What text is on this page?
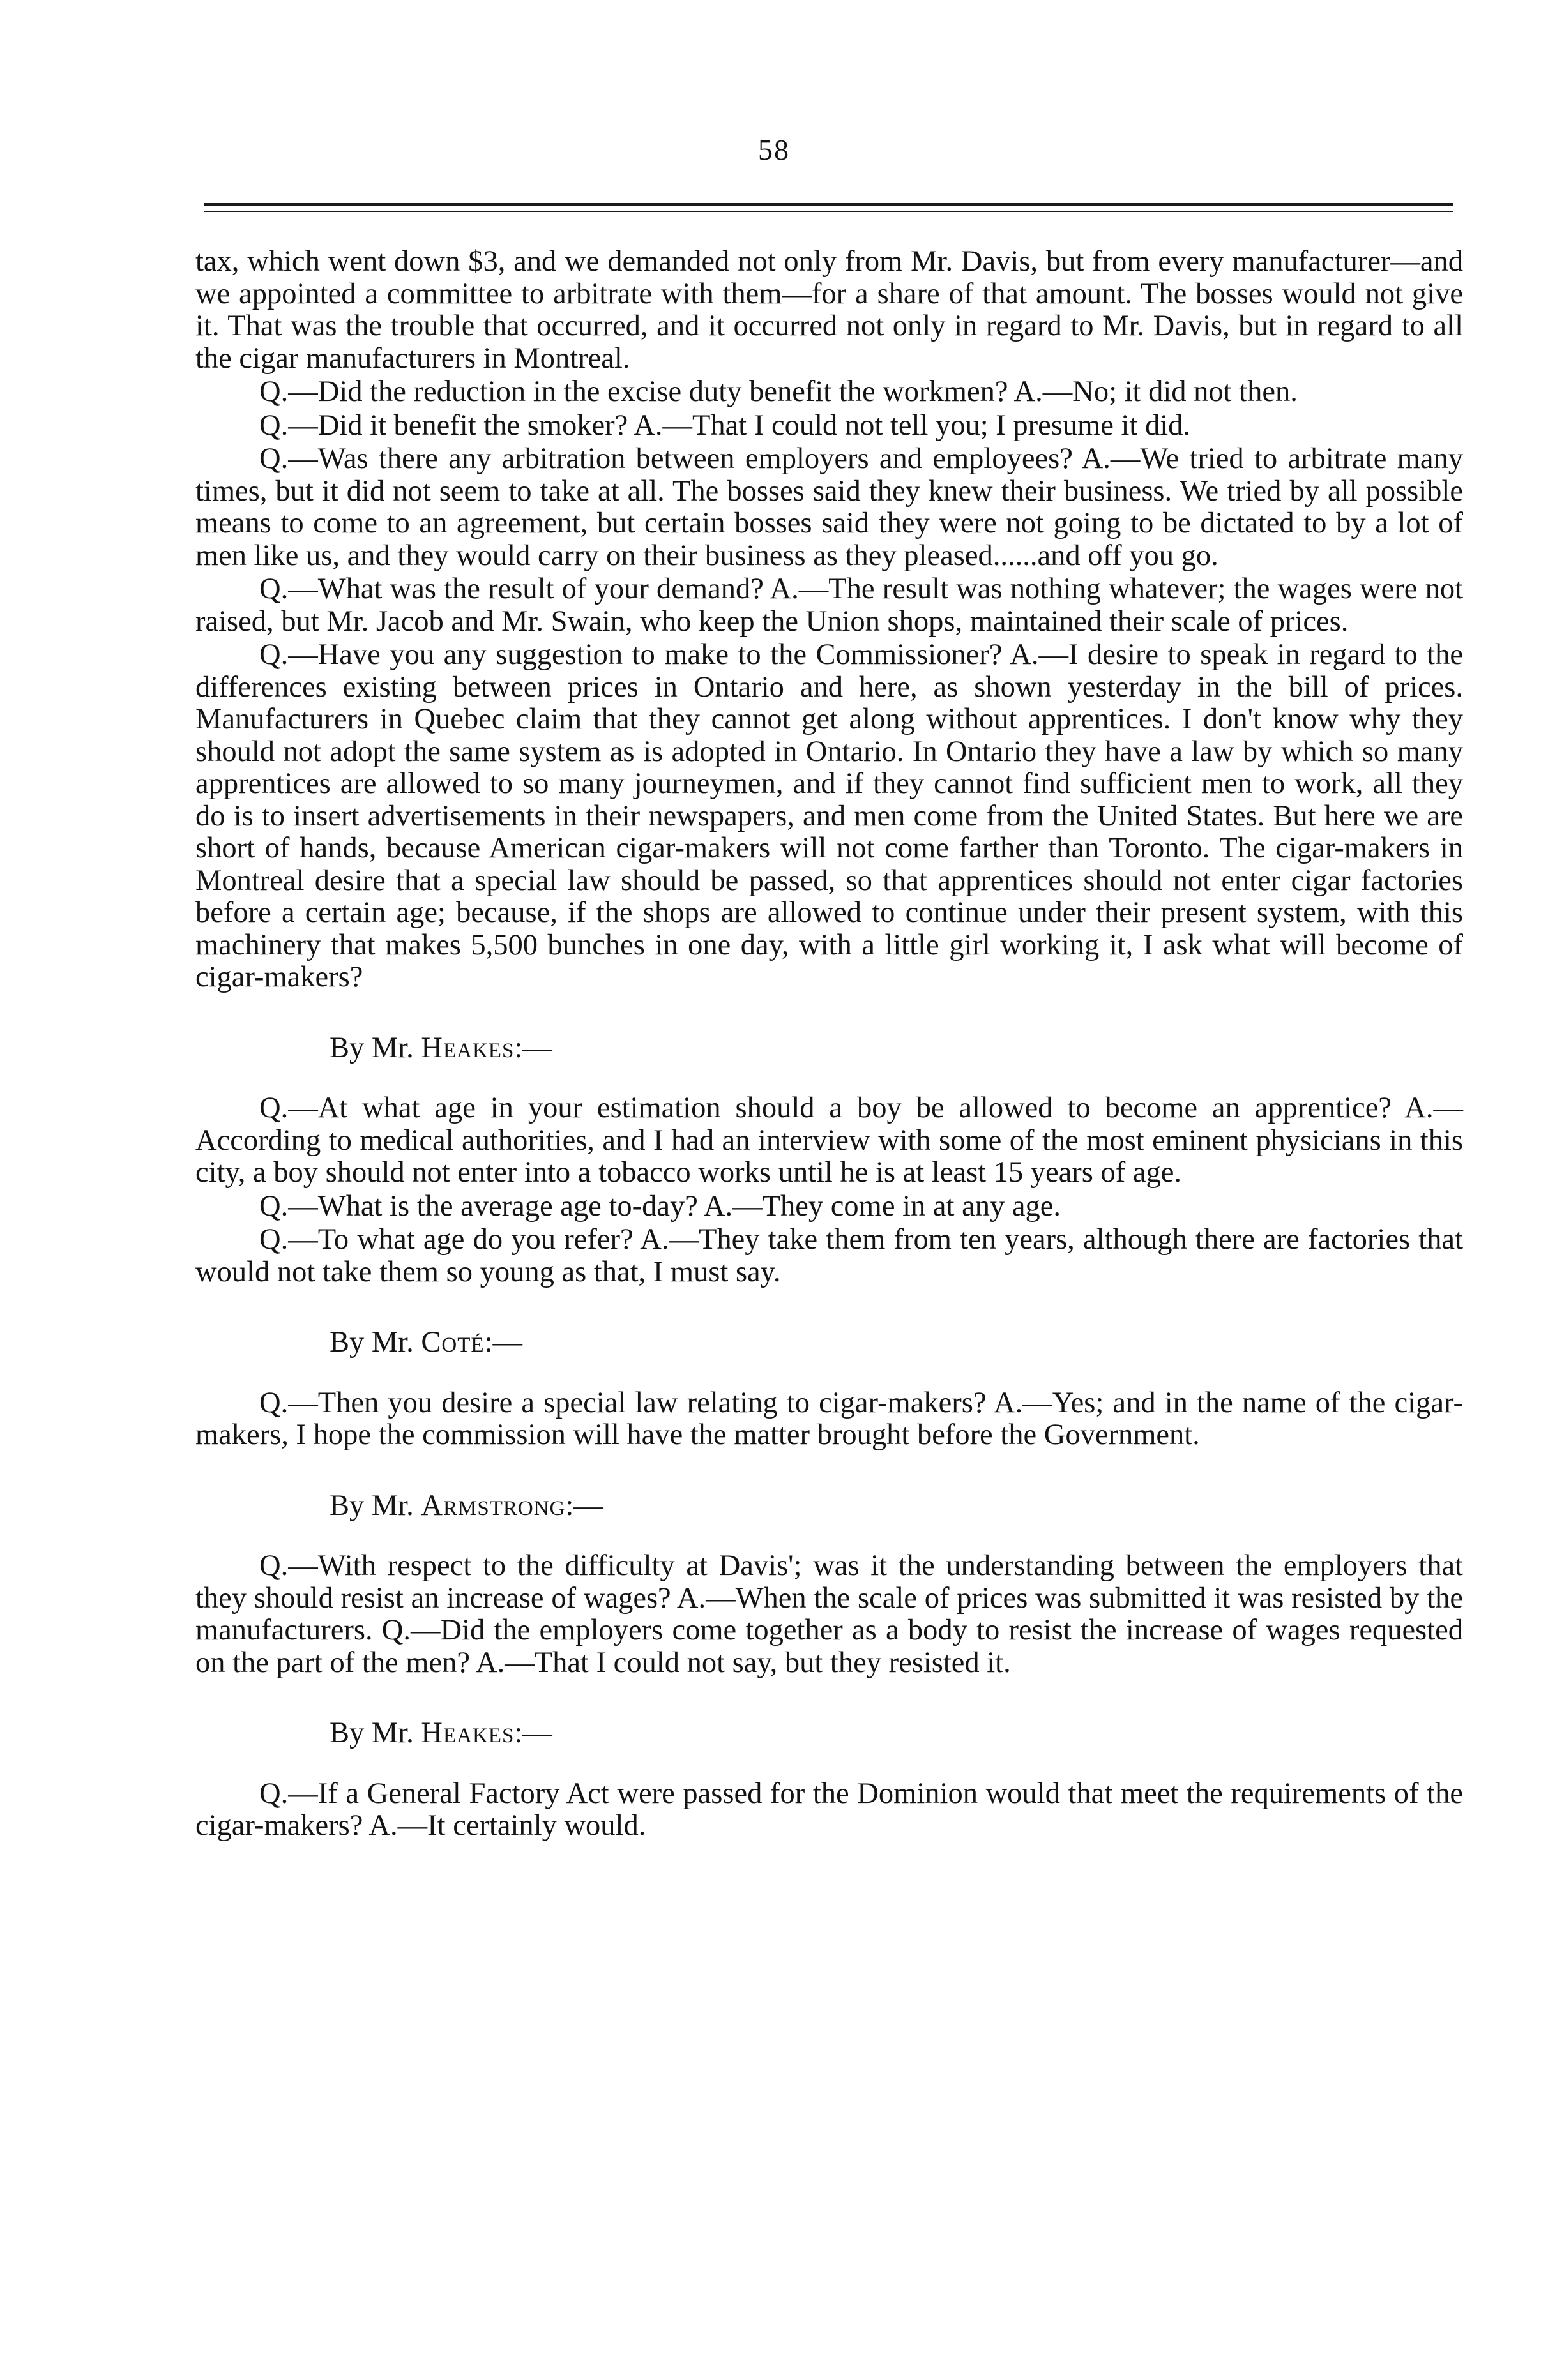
58

tax, which went down $3, and we demanded not only from Mr. Davis, but from every manufacturer—and we appointed a committee to arbitrate with them—for a share of that amount. The bosses would not give it. That was the trouble that occurred, and it occurred not only in regard to Mr. Davis, but in regard to all the cigar manufacturers in Montreal.

Q.—Did the reduction in the excise duty benefit the workmen? A.—No; it did not then.

Q.—Did it benefit the smoker? A.—That I could not tell you; I presume it did.

Q.—Was there any arbitration between employers and employees? A.—We tried to arbitrate many times, but it did not seem to take at all. The bosses said they knew their business. We tried by all possible means to come to an agreement, but certain bosses said they were not going to be dictated to by a lot of men like us, and they would carry on their business as they pleased......and off you go.

Q.—What was the result of your demand? A.—The result was nothing whatever; the wages were not raised, but Mr. Jacob and Mr. Swain, who keep the Union shops, maintained their scale of prices.

Q.—Have you any suggestion to make to the Commissioner? A.—I desire to speak in regard to the differences existing between prices in Ontario and here, as shown yesterday in the bill of prices. Manufacturers in Quebec claim that they cannot get along without apprentices. I don't know why they should not adopt the same system as is adopted in Ontario. In Ontario they have a law by which so many apprentices are allowed to so many journeymen, and if they cannot find sufficient men to work, all they do is to insert advertisements in their newspapers, and men come from the United States. But here we are short of hands, because American cigar-makers will not come farther than Toronto. The cigar-makers in Montreal desire that a special law should be passed, so that apprentices should not enter cigar factories before a certain age; because, if the shops are allowed to continue under their present system, with this machinery that makes 5,500 bunches in one day, with a little girl working it, I ask what will become of cigar-makers?

By Mr. Heakes:—

Q.—At what age in your estimation should a boy be allowed to become an apprentice? A.—According to medical authorities, and I had an interview with some of the most eminent physicians in this city, a boy should not enter into a tobacco works until he is at least 15 years of age.

Q.—What is the average age to-day? A.—They come in at any age.

Q.—To what age do you refer? A.—They take them from ten years, although there are factories that would not take them so young as that, I must say.

By Mr. Coté:—

Q.—Then you desire a special law relating to cigar-makers? A.—Yes; and in the name of the cigar-makers, I hope the commission will have the matter brought before the Government.

By Mr. Armstrong:—

Q.—With respect to the difficulty at Davis'; was it the understanding between the employers that they should resist an increase of wages? A.—When the scale of prices was submitted it was resisted by the manufacturers. Q.—Did the employers come together as a body to resist the increase of wages requested on the part of the men? A.—That I could not say, but they resisted it.

By Mr. Heakes:—

Q.—If a General Factory Act were passed for the Dominion would that meet the requirements of the cigar-makers? A.—It certainly would.
